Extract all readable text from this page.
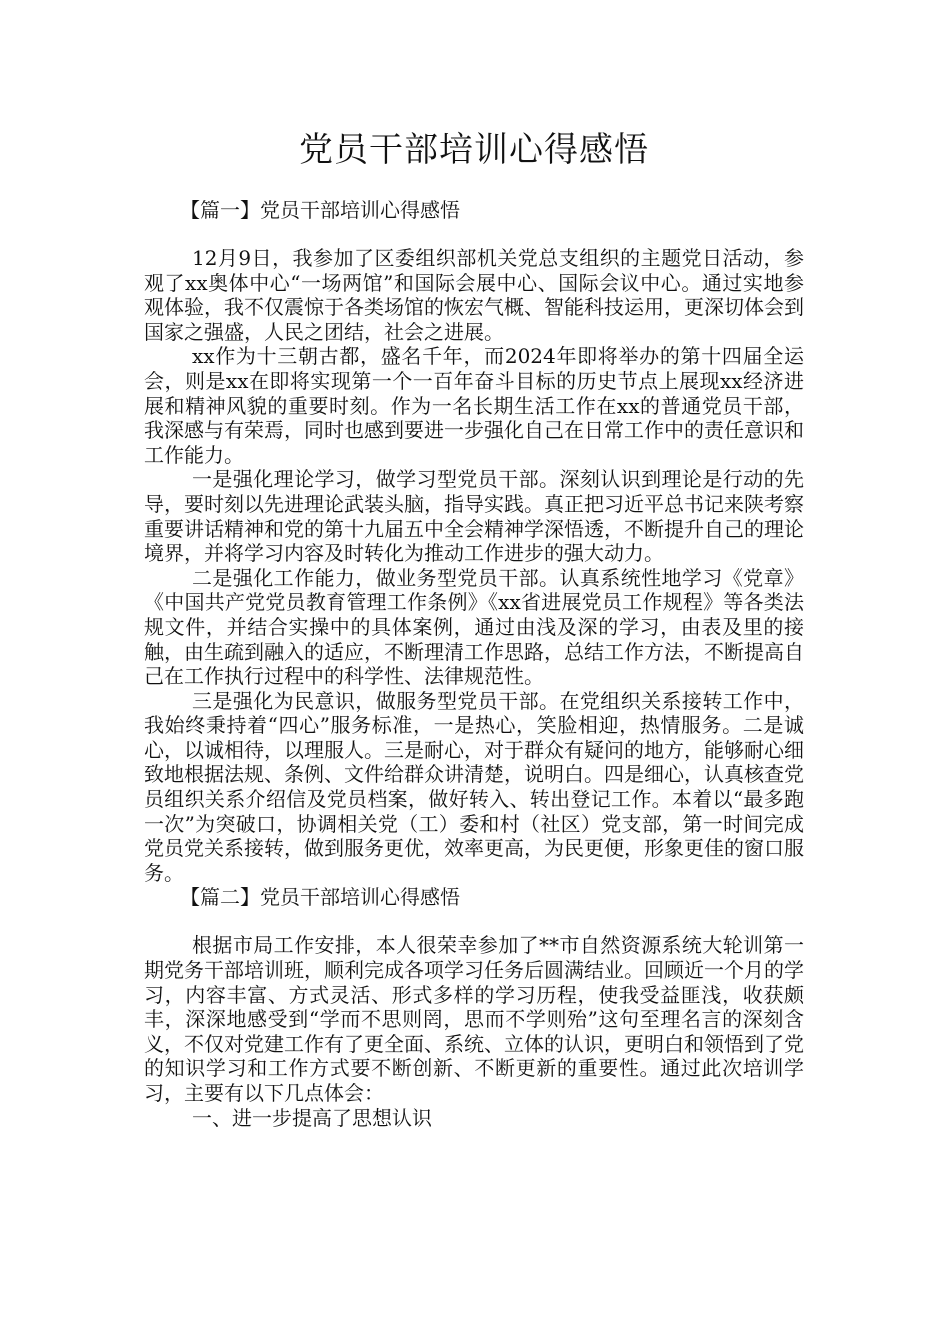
党员干部培训心得感悟
【篇一】党员干部培训心得感悟

12月9日，我参加了区委组织部机关党总支组织的主题党日活动，参观了xx奥体中心“一场两馆”和国际会展中心、国际会议中心。通过实地参观体验，我不仅震惊于各类场馆的恢宏气概、智能科技运用，更深切体会到国家之强盛，人民之团结，社会之进展。

xx作为十三朝古都，盛名千年，而2024年即将举办的第十四届全运会，则是xx在即将实现第一个一百年奋斗目标的历史节点上展现xx经济进展和精神风貌的重要时刻。作为一名长期生活工作在xx的普通党员干部，我深感与有荣焉，同时也感到要进一步强化自己在日常工作中的责任意识和工作能力。

一是强化理论学习，做学习型党员干部。深刻认识到理论是行动的先导，要时刻以先进理论武装头脑，指导实践。真正把习近平总书记来陕考察重要讲话精神和党的第十九届五中全会精神学深悟透，不断提升自己的理论境界，并将学习内容及时转化为推动工作进步的强大动力。

二是强化工作能力，做业务型党员干部。认真系统性地学习《党章》《中国共产党党员教育管理工作条例》《xx省进展党员工作规程》等各类法规文件，并结合实操中的具体案例，通过由浅及深的学习，由表及里的接触，由生疏到融入的适应，不断理清工作思路，总结工作方法，不断提高自己在工作执行过程中的科学性、法律规范性。

三是强化为民意识，做服务型党员干部。在党组织关系接转工作中，我始终秉持着“四心”服务标准，一是热心，笑脸相迎，热情服务。二是诚心，以诚相待，以理服人。三是耐心，对于群众有疑问的地方，能够耐心细致地根据法规、条例、文件给群众讲清楚，说明白。四是细心，认真核查党员组织关系介绍信及党员档案，做好转入、转出登记工作。本着以“最多跑一次”为突破口，协调相关党（工）委和村（社区）党支部，第一时间完成党员党关系接转，做到服务更优，效率更高，为民更便，形象更佳的窗口服务。

【篇二】党员干部培训心得感悟

根据市局工作安排，本人很荣幸参加了**市自然资源系统大轮训第一期党务干部培训班，顺利完成各项学习任务后圆满结业。回顾近一个月的学习，内容丰富、方式灵活、形式多样的学习历程，使我受益匪浅，收获颇丰，深深地感受到“学而不思则罔，思而不学则殆”这句至理名言的深刻含义，不仅对党建工作有了更全面、系统、立体的认识，更明白和领悟到了党的知识学习和工作方式要不断创新、不断更新的重要性。通过此次培训学习，主要有以下几点体会：

一、进一步提高了思想认识
